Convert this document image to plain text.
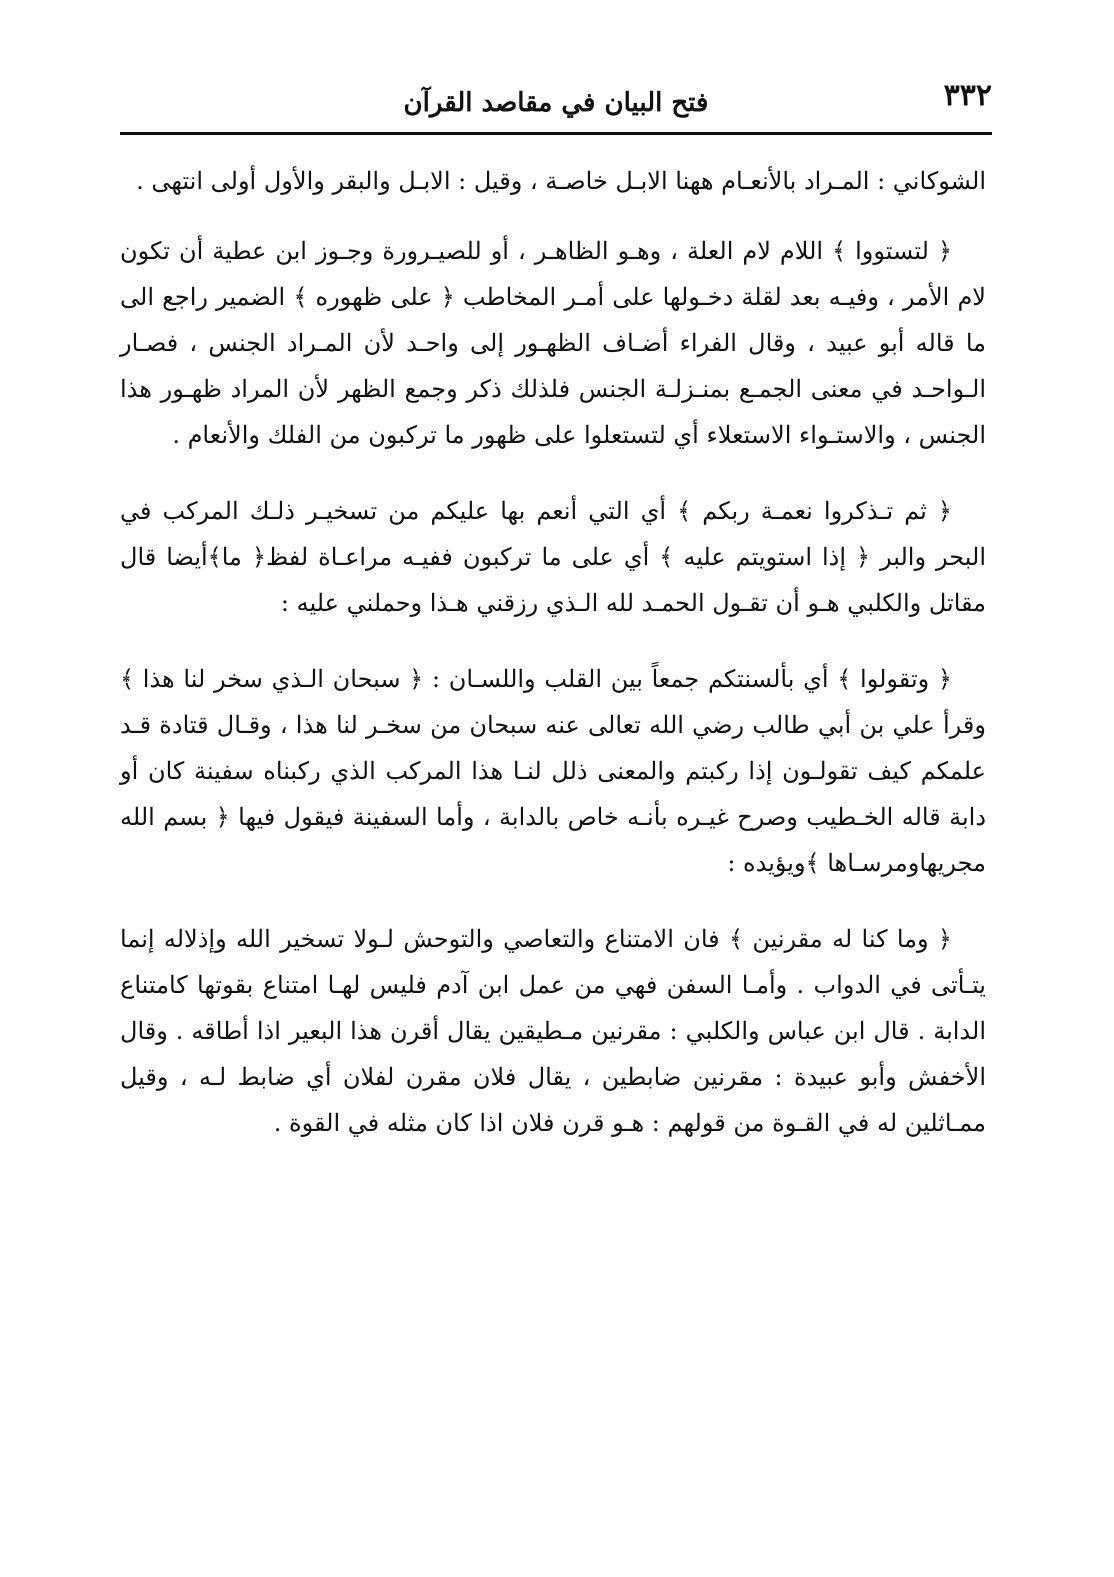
٣٣٢
فتح البيان في مقاصد القرآن

الشوكاني : المـراد بالأنعـام ههنا الابـل خاصـة ، وقيل : الابـل والبقر والأول أولى انتهى .

﴿ لتستووا ﴾ اللام لام العلة ، وهـو الظاهـر ، أو للصيـرورة وجـوز ابن عطية أن تكون لام الأمر ، وفيـه بعد لقلة دخـولها على أمـر المخاطب ﴿ على ظهوره ﴾ الضمير راجع الى ما قاله أبو عبيد ، وقال الفراء أضـاف الظهـور إلى واحـد لأن المـراد الجنس ، فصـار الـواحـد في معنى الجمـع بمنـزلـة الجنس فلذلك ذكر وجمع الظهر لأن المراد ظهـور هذا الجنس ، والاستـواء الاستعلاء أي لتستعلوا على ظهور ما تركبون من الفلك والأنعام .

﴿ ثم تـذكروا نعمـة ربكم ﴾ أي التي أنعم بها عليكم من تسخيـر ذلـك المركب في البحر والبر ﴿ إذا استويتم عليه ﴾ أي على ما تركبون ففيـه مراعـاة لفظ﴿ ما﴾أيضا قال مقاتل والكلبي هـو أن تقـول الحمـد لله الـذي رزقني هـذا وحملني عليه :

﴿ وتقولوا ﴾ أي بألسنتكم جمعاً بين القلب واللسـان : ﴿ سبحان الـذي سخر لنا هذا ﴾ وقرأ علي بن أبي طالب رضي الله تعالى عنه سبحان من سخـر لنا هذا ، وقـال قتادة قـد علمكم كيف تقولـون إذا ركبتم والمعنى ذلل لنـا هذا المركب الذي ركبناه سفينة كان أو دابة قاله الخـطيب وصرح غيـره بأنـه خاص بالدابة ، وأما السفينة فيقول فيها ﴿ بسم الله مجريهاومرسـاها ﴾ويؤيده :

﴿ وما كنا له مقرنين ﴾ فان الامتناع والتعاصي والتوحش لـولا تسخير الله وإذلاله إنما يتـأتى في الدواب . وأمـا السفن فهي من عمل ابن آدم فليس لهـا امتناع بقوتها كامتناع الدابة . قال ابن عباس والكلبي : مقرنين مـطيقين يقال أقرن هذا البعير اذا أطاقه . وقال الأخفش وأبو عبيدة : مقرنين ضابطين ، يقال فلان مقرن لفلان أي ضابط لـه ، وقيل ممـاثلين له في القـوة من قولهم : هـو قرن فلان اذا كان مثله في القوة .
